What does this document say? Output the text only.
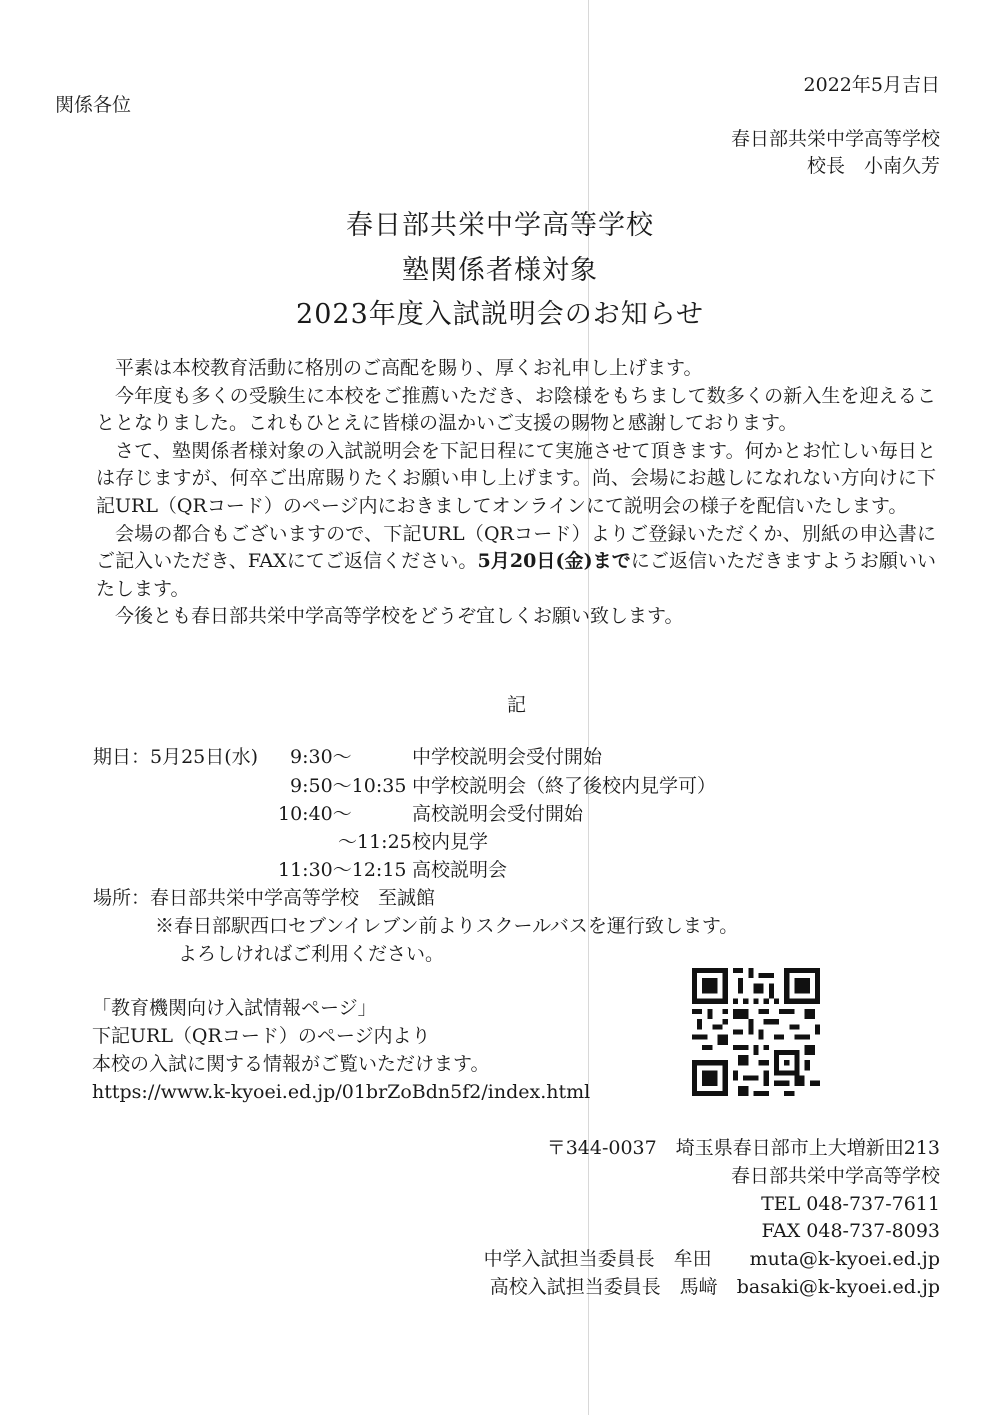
2022年5月吉日
関係各位
春日部共栄中学高等学校
校長　小南久芳
春日部共栄中学高等学校
塾関係者様対象
2023年度入試説明会のお知らせ

平素は本校教育活動に格別のご高配を賜り、厚くお礼申し上げます。

今年度も多くの受験生に本校をご推薦いただき、お陰様をもちまして数多くの新入生を迎えることとなりました。これもひとえに皆様の温かいご支援の賜物と感謝しております。

さて、塾関係者様対象の入試説明会を下記日程にて実施させて頂きます。何かとお忙しい毎日とは存じますが、何卒ご出席賜りたくお願い申し上げます。尚、会場にお越しになれない方向けに下記URL（QRコード）のページ内におきましてオンラインにて説明会の様子を配信いたします。

会場の都合もございますので、下記URL（QRコード）よりご登録いただくか、別紙の申込書にご記入いただき、FAXにてご返信ください。5月20日(金)までにご返信いただきますようお願いいたします。

今後とも春日部共栄中学高等学校をどうぞ宜しくお願い致します。

記
期日：5月25日(水) 9:30～	中学校説明会受付開始
9:50～10:35 中学校説明会（終了後校内見学可）
10:40～	高校説明会受付開始
～11:25 校内見学
11:30～12:15 高校説明会
場所：春日部共栄中学高等学校　至誠館
※春日部駅西口セブンイレブン前よりスクールバスを運行致します。
よろしければご利用ください。
「教育機関向け入試情報ページ」
下記URL（QRコード）のページ内より
本校の入試に関する情報がご覧いただけます。
https://www.k-kyoei.ed.jp/01brZoBdn5f2/index.html
〒344-0037　埼玉県春日部市上大増新田213
春日部共栄中学高等学校
TEL 048-737-7611
FAX 048-737-8093
中学入試担当委員長　牟田　　muta@k-kyoei.ed.jp
高校入試担当委員長　馬﨑　basaki@k-kyoei.ed.jp
